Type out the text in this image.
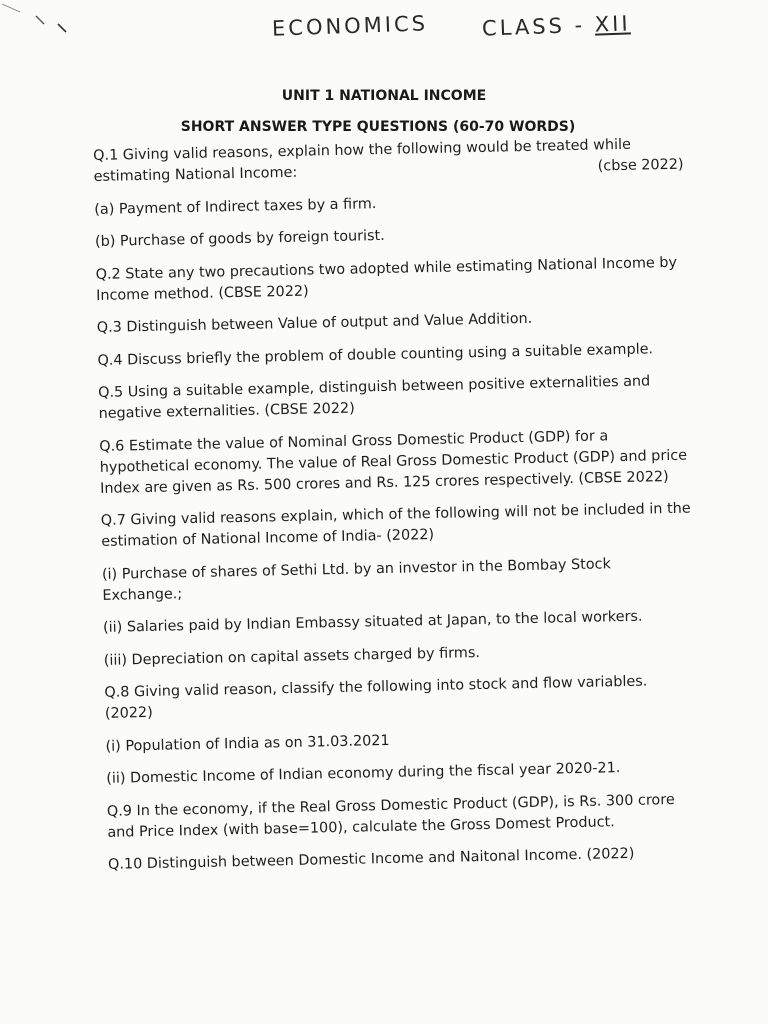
ECONOMICS	CLASS - XII
UNIT 1 NATIONAL INCOME
SHORT ANSWER TYPE QUESTIONS (60-70 WORDS)
Q.1 Giving valid reasons, explain how the following would be treated while estimating National Income:	(cbse 2022)
(a) Payment of Indirect taxes by a firm.
(b) Purchase of goods by foreign tourist.
Q.2 State any two precautions two adopted while estimating National Income by Income method. (CBSE 2022)
Q.3 Distinguish between Value of output and Value Addition.
Q.4 Discuss briefly the problem of double counting using a suitable example.
Q.5 Using a suitable example, distinguish between positive externalities and negative externalities. (CBSE 2022)
Q.6 Estimate the value of Nominal Gross Domestic Product (GDP) for a hypothetical economy. The value of Real Gross Domestic Product (GDP) and price Index are given as Rs. 500 crores and Rs. 125 crores respectively. (CBSE 2022)
Q.7 Giving valid reasons explain, which of the following will not be included in the estimation of National Income of India- (2022)
(i) Purchase of shares of Sethi Ltd. by an investor in the Bombay Stock Exchange.;
(ii) Salaries paid by Indian Embassy situated at Japan, to the local workers.
(iii) Depreciation on capital assets charged by firms.
Q.8 Giving valid reason, classify the following into stock and flow variables. (2022)
(i) Population of India as on 31.03.2021
(ii) Domestic Income of Indian economy during the fiscal year 2020-21.
Q.9 In the economy, if the Real Gross Domestic Product (GDP), is Rs. 300 crore and Price Index (with base=100), calculate the Gross Domest Product.
Q.10 Distinguish between Domestic Income and Naitonal Income. (2022)
